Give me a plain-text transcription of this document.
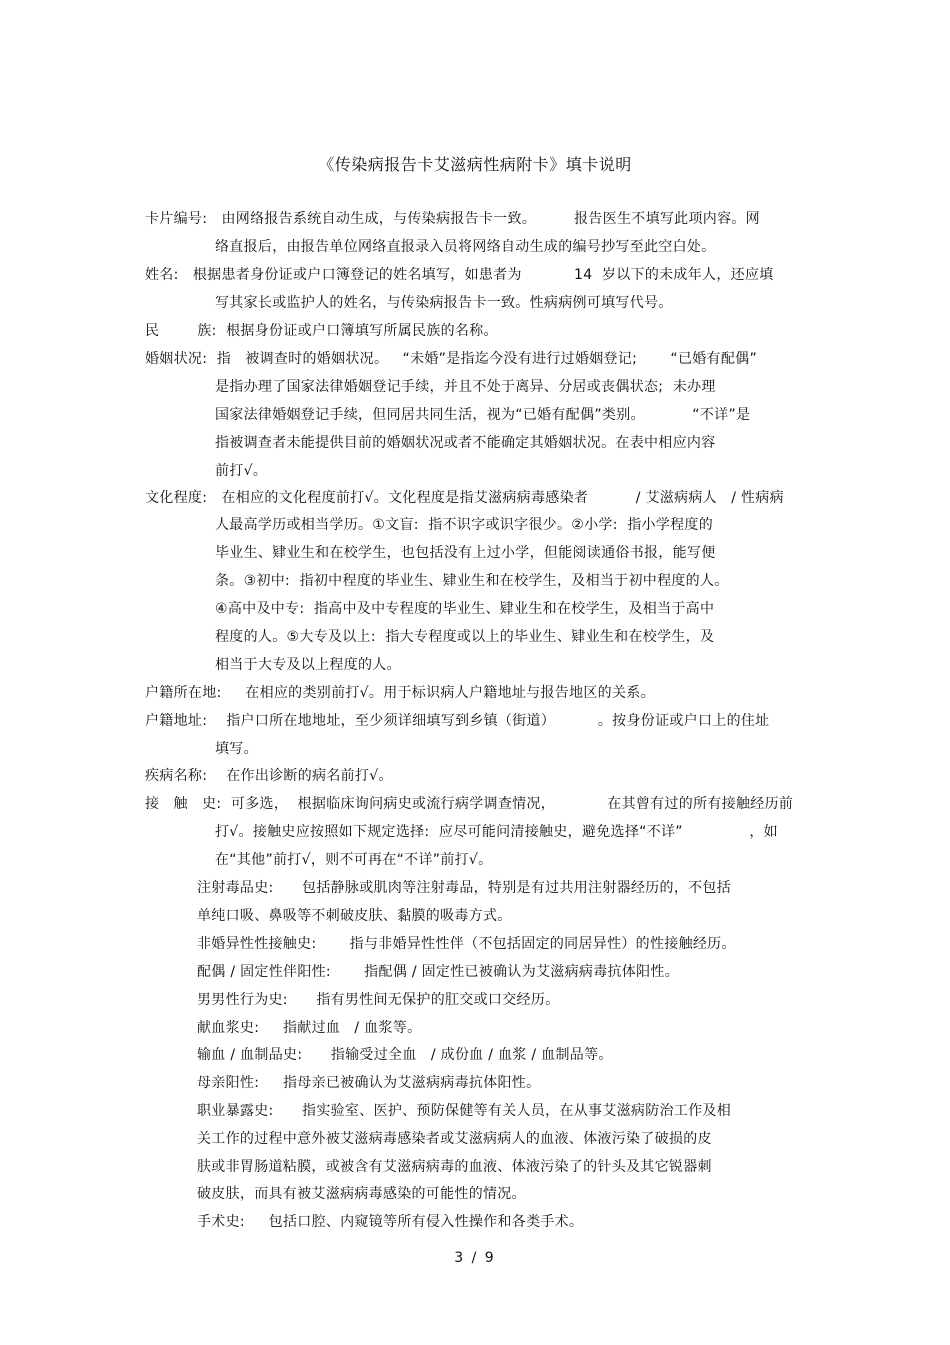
《传染病报告卡艾滋病性病附卡》填卡说明
卡片编号:   由网络报告系统自动生成，与传染病报告卡一致。        报告医生不填写此项内容。网
络直报后，由报告单位网络直报录入员将网络自动生成的编号抄写至此空白处。
姓名:   根据患者身份证或户口簿登记的姓名填写，如患者为           14  岁以下的未成年人，还应填
写其家长或监护人的姓名，与传染病报告卡一致。性病病例可填写代号。
民        族:  根据身份证或户口簿填写所属民族的名称。
婚姻状况:  指   被调查时的婚姻状况。   “未婚”是指迄今没有进行过婚姻登记;       “已婚有配偶”
是指办理了国家法律婚姻登记手续，并且不处于离异、分居或丧偶状态;  未办理
国家法律婚姻登记手续，但同居共同生活，视为“已婚有配偶”类别。          “不详”是
指被调查者未能提供目前的婚姻状况或者不能确定其婚姻状况。在表中相应内容
前打√。
文化程度:   在相应的文化程度前打√。文化程度是指艾滋病病毒感染者          / 艾滋病病人   / 性病病
人最高学历或相当学历。①文盲:  指不识字或识字很少。②小学:  指小学程度的
毕业生、肄业生和在校学生，也包括没有上过小学，但能阅读通俗书报，能写便
条。③初中:  指初中程度的毕业生、肄业生和在校学生，及相当于初中程度的人。
④高中及中专:  指高中及中专程度的毕业生、肄业生和在校学生，及相当于高中
程度的人。⑤大专及以上:  指大专程度或以上的毕业生、肄业生和在校学生，及
相当于大专及以上程度的人。
户籍所在地:     在相应的类别前打√。用于标识病人户籍地址与报告地区的关系。
户籍地址:    指户口所在地地址，至少须详细填写到乡镇（街道）         。按身份证或户口上的住址
填写。
疾病名称:    在作出诊断的病名前打√。
接   触   史:  可多选，  根据临床询问病史或流行病学调查情况，           在其曾有过的所有接触经历前
打√。接触史应按照如下规定选择:  应尽可能问清接触史，避免选择“不详”              ，如
在“其他”前打√，则不可再在“不详”前打√。
注射毒品史:      包括静脉或肌肉等注射毒品，特别是有过共用注射器经历的，不包括
单纯口吸、鼻吸等不刺破皮肤、黏膜的吸毒方式。
非婚异性性接触史:       指与非婚异性性伴（不包括固定的同居异性）的性接触经历。
配偶 / 固定性伴阳性:       指配偶 / 固定性已被确认为艾滋病病毒抗体阳性。
男男性行为史:      指有男性间无保护的肛交或口交经历。
献血浆史:     指献过血   / 血浆等。
输血 / 血制品史:      指输受过全血   / 成份血 / 血浆 / 血制品等。
母亲阳性:     指母亲已被确认为艾滋病病毒抗体阳性。
职业暴露史:      指实验室、医护、预防保健等有关人员，在从事艾滋病防治工作及相
关工作的过程中意外被艾滋病毒感染者或艾滋病病人的血液、体液污染了破损的皮
肤或非胃肠道粘膜，或被含有艾滋病病毒的血液、体液污染了的针头及其它锐器刺
破皮肤，而具有被艾滋病病毒感染的可能性的情况。
手术史:     包括口腔、内窥镜等所有侵入性操作和各类手术。
3 / 9
